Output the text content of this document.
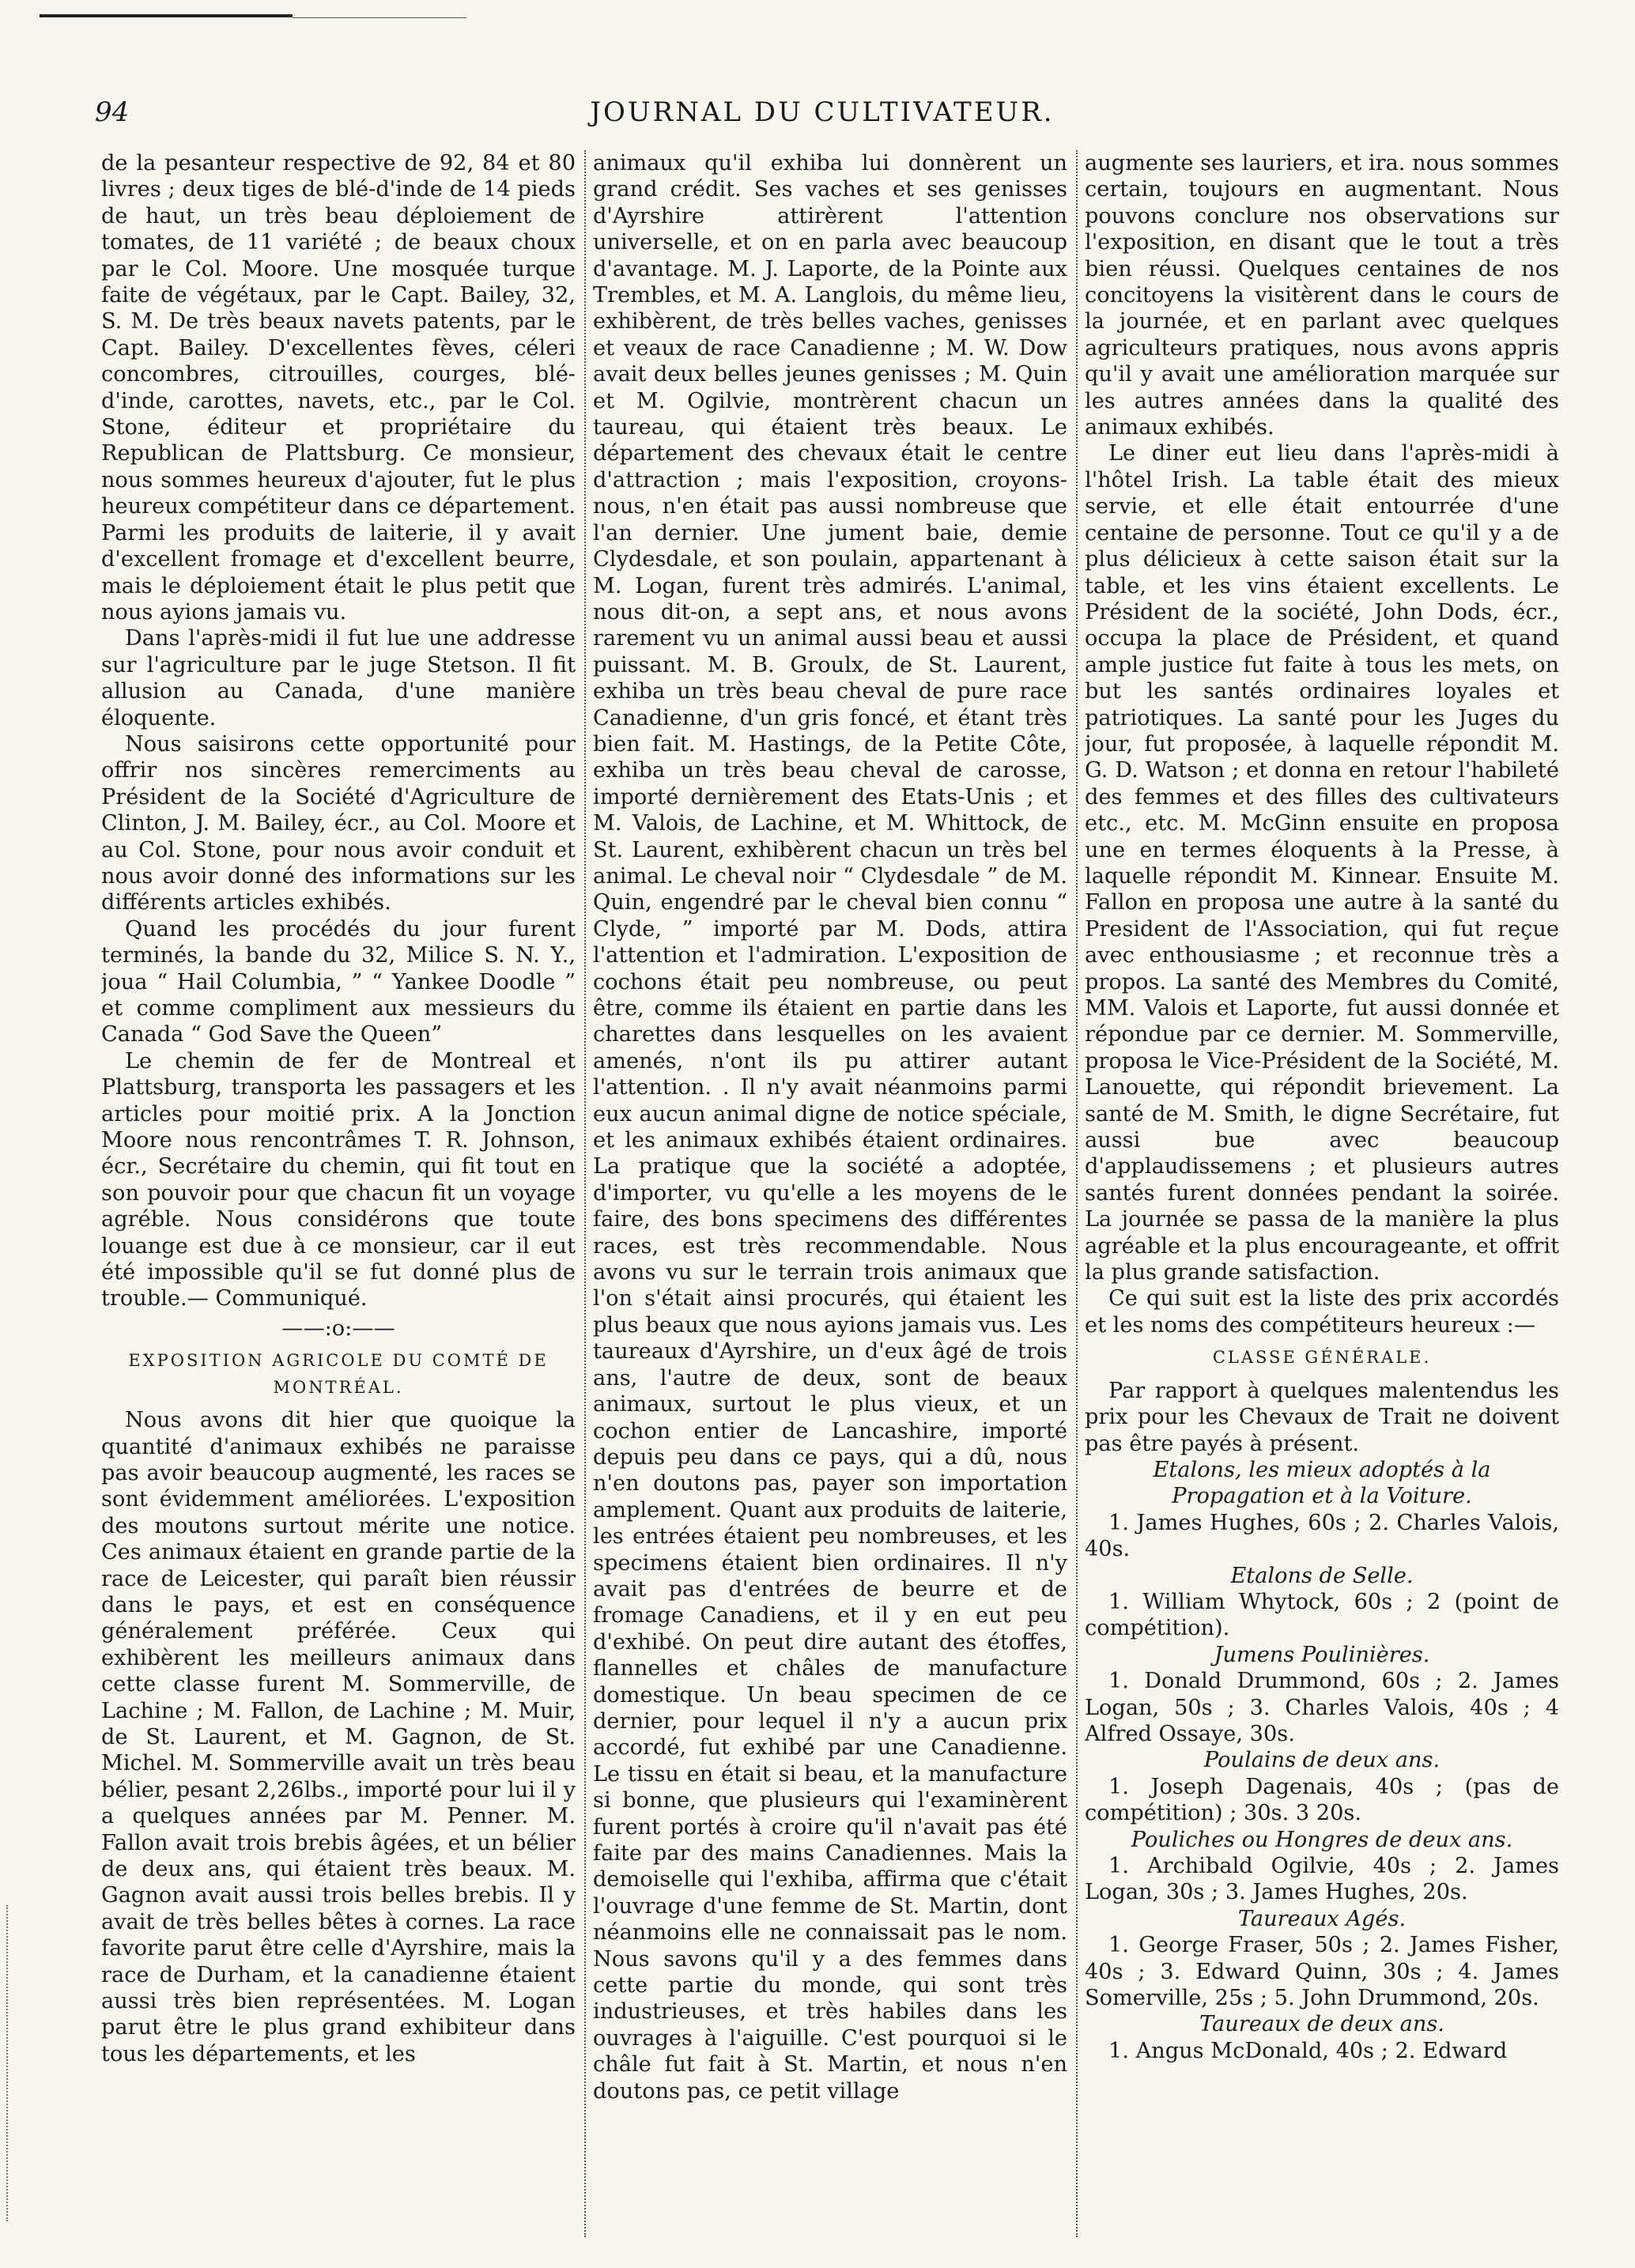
94	JOURNAL DU CULTIVATEUR.

de la pesanteur respective de 92, 84 et 80 livres ; deux tiges de blé-d'inde de 14 pieds de haut, un très beau déploiement de tomates, de 11 variété ; de beaux choux par le Col. Moore. Une mosquée turque faite de végétaux, par le Capt. Bailey, 32, S. M. De très beaux navets patents, par le Capt. Bailey. D'excellentes fèves, céleri concombres, citrouilles, courges, blé-d'inde, carottes, navets, etc., par le Col. Stone, éditeur et propriétaire du Republican de Plattsburg. Ce monsieur, nous sommes heureux d'ajouter, fut le plus heureux compétiteur dans ce département. Parmi les produits de laiterie, il y avait d'excellent fromage et d'excellent beurre, mais le déploiement était le plus petit que nous ayions jamais vu.

Dans l'après-midi il fut lue une addresse sur l'agriculture par le juge Stetson. Il fit allusion au Canada, d'une manière éloquente.

Nous saisirons cette opportunité pour offrir nos sincères remerciments au Président de la Société d'Agriculture de Clinton, J. M. Bailey, écr., au Col. Moore et au Col. Stone, pour nous avoir conduit et nous avoir donné des informations sur les différents articles exhibés.

Quand les procédés du jour furent terminés, la bande du 32, Milice S. N. Y., joua “ Hail Columbia, ” “ Yankee Doodle ” et comme compliment aux messieurs du Canada “ God Save the Queen”

Le chemin de fer de Montreal et Plattsburg, transporta les passagers et les articles pour moitié prix. A la Jonction Moore nous rencontrâmes T. R. Johnson, écr., Secrétaire du chemin, qui fit tout en son pouvoir pour que chacun fit un voyage agréble. Nous considérons que toute louange est due à ce monsieur, car il eut été impossible qu'il se fut donné plus de trouble.— Communiqué.

——:o:——

EXPOSITION AGRICOLE DU COMTÉ DE MONTRÉAL.

Nous avons dit hier que quoique la quantité d'animaux exhibés ne paraisse pas avoir beaucoup augmenté, les races se sont évidemment améliorées. L'exposition des moutons surtout mérite une notice. Ces animaux étaient en grande partie de la race de Leicester, qui paraît bien réussir dans le pays, et est en conséquence généralement préférée. Ceux qui exhibèrent les meilleurs animaux dans cette classe furent M. Sommerville, de Lachine ; M. Fallon, de Lachine ; M. Muir, de St. Laurent, et M. Gagnon, de St. Michel. M. Sommerville avait un très beau bélier, pesant 2,26lbs., importé pour lui il y a quelques années par M. Penner. M. Fallon avait trois brebis âgées, et un bélier de deux ans, qui étaient très beaux. M. Gagnon avait aussi trois belles brebis. Il y avait de très belles bêtes à cornes. La race favorite parut être celle d'Ayrshire, mais la race de Durham, et la canadienne étaient aussi très bien représentées. M. Logan parut être le plus grand exhibiteur dans tous les départements, et les

animaux qu'il exhiba lui donnèrent un grand crédit. Ses vaches et ses genisses d'Ayrshire attirèrent l'attention universelle, et on en parla avec beaucoup d'avantage. M. J. Laporte, de la Pointe aux Trembles, et M. A. Langlois, du même lieu, exhibèrent, de très belles vaches, genisses et veaux de race Canadienne ; M. W. Dow avait deux belles jeunes genisses ; M. Quin et M. Ogilvie, montrèrent chacun un taureau, qui étaient très beaux. Le département des chevaux était le centre d'attraction ; mais l'exposition, croyons-nous, n'en était pas aussi nombreuse que l'an dernier. Une jument baie, demie Clydesdale, et son poulain, appartenant à M. Logan, furent très admirés. L'animal, nous dit-on, a sept ans, et nous avons rarement vu un animal aussi beau et aussi puissant. M. B. Groulx, de St. Laurent, exhiba un très beau cheval de pure race Canadienne, d'un gris foncé, et étant très bien fait. M. Hastings, de la Petite Côte, exhiba un très beau cheval de carosse, importé dernièrement des Etats-Unis ; et M. Valois, de Lachine, et M. Whittock, de St. Laurent, exhibèrent chacun un très bel animal. Le cheval noir “ Clydesdale ” de M. Quin, engendré par le cheval bien connu “ Clyde, ” importé par M. Dods, attira l'attention et l'admiration. L'exposition de cochons était peu nombreuse, ou peut être, comme ils étaient en partie dans les charettes dans lesquelles on les avaient amenés, n'ont ils pu attirer autant l'attention. . Il n'y avait néanmoins parmi eux aucun animal digne de notice spéciale, et les animaux exhibés étaient ordinaires. La pratique que la société a adoptée, d'importer, vu qu'elle a les moyens de le faire, des bons specimens des différentes races, est très recommendable. Nous avons vu sur le terrain trois animaux que l'on s'était ainsi procurés, qui étaient les plus beaux que nous ayions jamais vus. Les taureaux d'Ayrshire, un d'eux âgé de trois ans, l'autre de deux, sont de beaux animaux, surtout le plus vieux, et un cochon entier de Lancashire, importé depuis peu dans ce pays, qui a dû, nous n'en doutons pas, payer son importation amplement. Quant aux produits de laiterie, les entrées étaient peu nombreuses, et les specimens étaient bien ordinaires. Il n'y avait pas d'entrées de beurre et de fromage Canadiens, et il y en eut peu d'exhibé. On peut dire autant des étoffes, flannelles et châles de manufacture domestique. Un beau specimen de ce dernier, pour lequel il n'y a aucun prix accordé, fut exhibé par une Canadienne. Le tissu en était si beau, et la manufacture si bonne, que plusieurs qui l'examinèrent furent portés à croire qu'il n'avait pas été faite par des mains Canadiennes. Mais la demoiselle qui l'exhiba, affirma que c'était l'ouvrage d'une femme de St. Martin, dont néanmoins elle ne connaissait pas le nom. Nous savons qu'il y a des femmes dans cette partie du monde, qui sont très industrieuses, et très habiles dans les ouvrages à l'aiguille. C'est pourquoi si le châle fut fait à St. Martin, et nous n'en doutons pas, ce petit village

augmente ses lauriers, et ira. nous sommes certain, toujours en augmentant. Nous pouvons conclure nos observations sur l'exposition, en disant que le tout a très bien réussi. Quelques centaines de nos concitoyens la visitèrent dans le cours de la journée, et en parlant avec quelques agriculteurs pratiques, nous avons appris qu'il y avait une amélioration marquée sur les autres années dans la qualité des animaux exhibés.

Le diner eut lieu dans l'après-midi à l'hôtel Irish. La table était des mieux servie, et elle était entourrée d'une centaine de personne. Tout ce qu'il y a de plus délicieux à cette saison était sur la table, et les vins étaient excellents. Le Président de la société, John Dods, écr., occupa la place de Président, et quand ample justice fut faite à tous les mets, on but les santés ordinaires loyales et patriotiques. La santé pour les Juges du jour, fut proposée, à laquelle répondit M. G. D. Watson ; et donna en retour l'habileté des femmes et des filles des cultivateurs etc., etc. M. McGinn ensuite en proposa une en termes éloquents à la Presse, à laquelle répondit M. Kinnear. Ensuite M. Fallon en proposa une autre à la santé du President de l'Association, qui fut reçue avec enthousiasme ; et reconnue très a propos. La santé des Membres du Comité, MM. Valois et Laporte, fut aussi donnée et répondue par ce dernier. M. Sommerville, proposa le Vice-Président de la Société, M. Lanouette, qui répondit brievement. La santé de M. Smith, le digne Secrétaire, fut aussi bue avec beaucoup d'applaudissemens ; et plusieurs autres santés furent données pendant la soirée. La journée se passa de la manière la plus agréable et la plus encourageante, et offrit la plus grande satisfaction.

Ce qui suit est la liste des prix accordés et les noms des compétiteurs heureux :—

CLASSE GÉNÉRALE.

Par rapport à quelques malentendus les prix pour les Chevaux de Trait ne doivent pas être payés à présent.

Etalons, les mieux adoptés à la Propagation et à la Voiture.

1. James Hughes, 60s ; 2. Charles Valois, 40s.

Etalons de Selle.

1. William Whytock, 60s ; 2 (point de compétition).

Jumens Poulinières.

1. Donald Drummond, 60s ; 2. James Logan, 50s ; 3. Charles Valois, 40s ; 4 Alfred Ossaye, 30s.

Poulains de deux ans.

1. Joseph Dagenais, 40s ; (pas de compétition) ; 30s. 3 20s.

Pouliches ou Hongres de deux ans.

1. Archibald Ogilvie, 40s ; 2. James Logan, 30s ; 3. James Hughes, 20s.

Taureaux Agés.

1. George Fraser, 50s ; 2. James Fisher, 40s ; 3. Edward Quinn, 30s ; 4. James Somerville, 25s ; 5. John Drummond, 20s.

Taureaux de deux ans.

1. Angus McDonald, 40s ; 2. Edward
